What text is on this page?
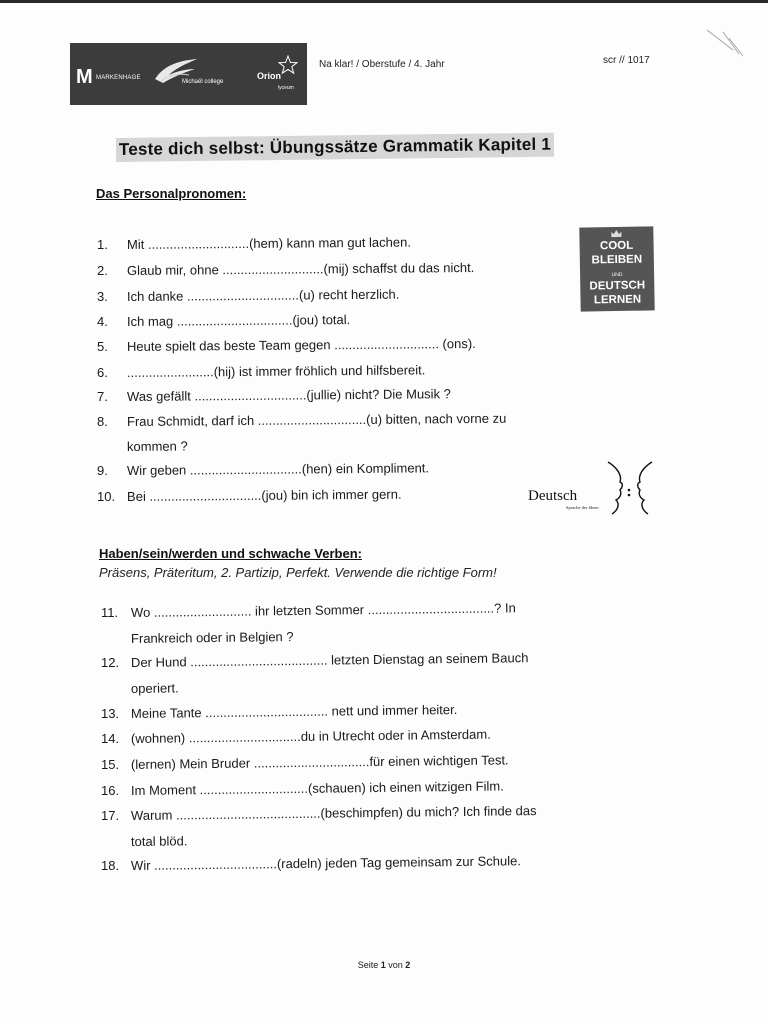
M MARKENHAGE
Michaël college
Orion
lyceum
Na klar! / Oberstufe / 4. Jahr	scr // 1017
Teste dich selbst: Übungssätze Grammatik Kapitel 1
Das Personalpronomen:
Haben/sein/werden und schwache Verben:
Präsens, Präteritum, 2. Partizip, Perfekt. Verwende die richtige Form!
1. Mit ............................(hem) kann man gut lachen.
2. Glaub mir, ohne ............................(mij) schaffst du das nicht.
3. Ich danke ...............................(u) recht herzlich.
4. Ich mag ................................(jou) total.
5. Heute spielt das beste Team gegen ............................. (ons).
6. ........................(hij) ist immer fröhlich und hilfsbereit.
7. Was gefällt ...............................(jullie) nicht? Die Musik ?
8. Frau Schmidt, darf ich ..............................(u) bitten, nach vorne zu
kommen ?
9. Wir geben ...............................(hen) ein Kompliment.
10. Bei ...............................(jou) bin ich immer gern.
11. Wo ........................... ihr letzten Sommer ...................................? In
Frankreich oder in Belgien ?
12. Der Hund ...................................... letzten Dienstag an seinem Bauch
operiert.
13. Meine Tante .................................. nett und immer heiter.
14. (wohnen) ...............................du in Utrecht oder in Amsterdam.
15. (lernen) Mein Bruder ................................für einen wichtigen Test.
16. Im Moment ..............................(schauen) ich einen witzigen Film.
17. Warum ........................................(beschimpfen) du mich? Ich finde das
total blöd.
18. Wir ..................................(radeln) jeden Tag gemeinsam zur Schule.
COOL
BLEIBEN
UND
DEUTSCH
LERNEN
Deutsch
Sprache der Ideen
Seite 1 von 2
